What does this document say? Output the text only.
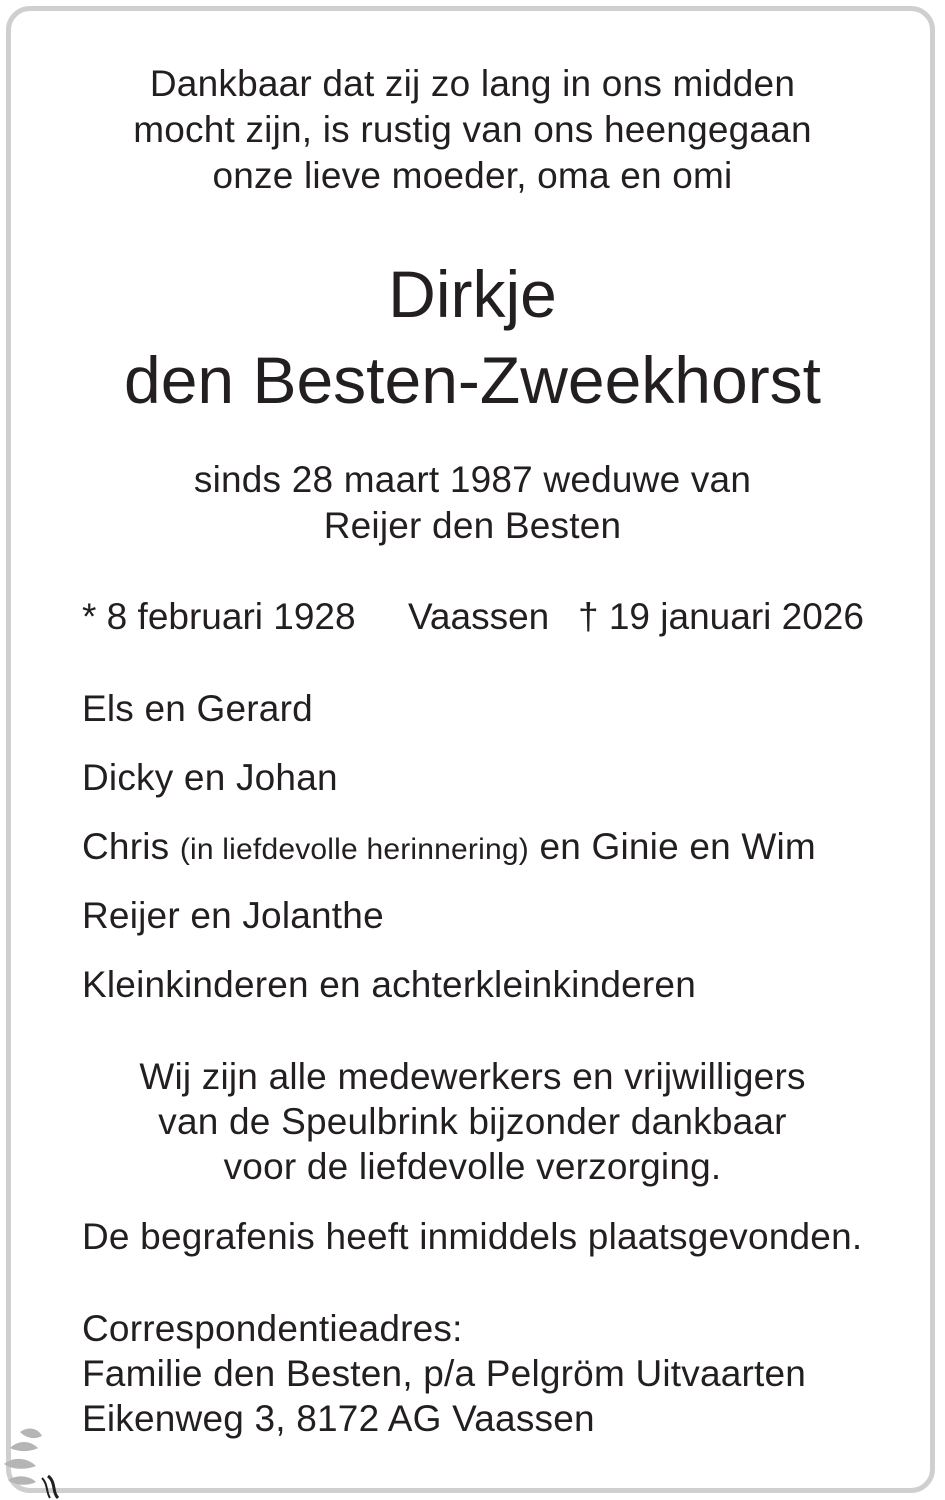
Dankbaar dat zij zo lang in ons midden
mocht zijn, is rustig van ons heengegaan
onze lieve moeder, oma en omi
Dirkje
den Besten-Zweekhorst
sinds 28 maart 1987 weduwe van
Reijer den Besten
* 8 februari 1928 Vaassen † 19 januari 2026
Els en Gerard
Dicky en Johan
Chris (in liefdevolle herinnering) en Ginie en Wim
Reijer en Jolanthe
Kleinkinderen en achterkleinkinderen
Wij zijn alle medewerkers en vrijwilligers
van de Speulbrink bijzonder dankbaar
voor de liefdevolle verzorging.
De begrafenis heeft inmiddels plaatsgevonden.
Correspondentieadres:
Familie den Besten, p/a Pelgröm Uitvaarten
Eikenweg 3, 8172 AG Vaassen
